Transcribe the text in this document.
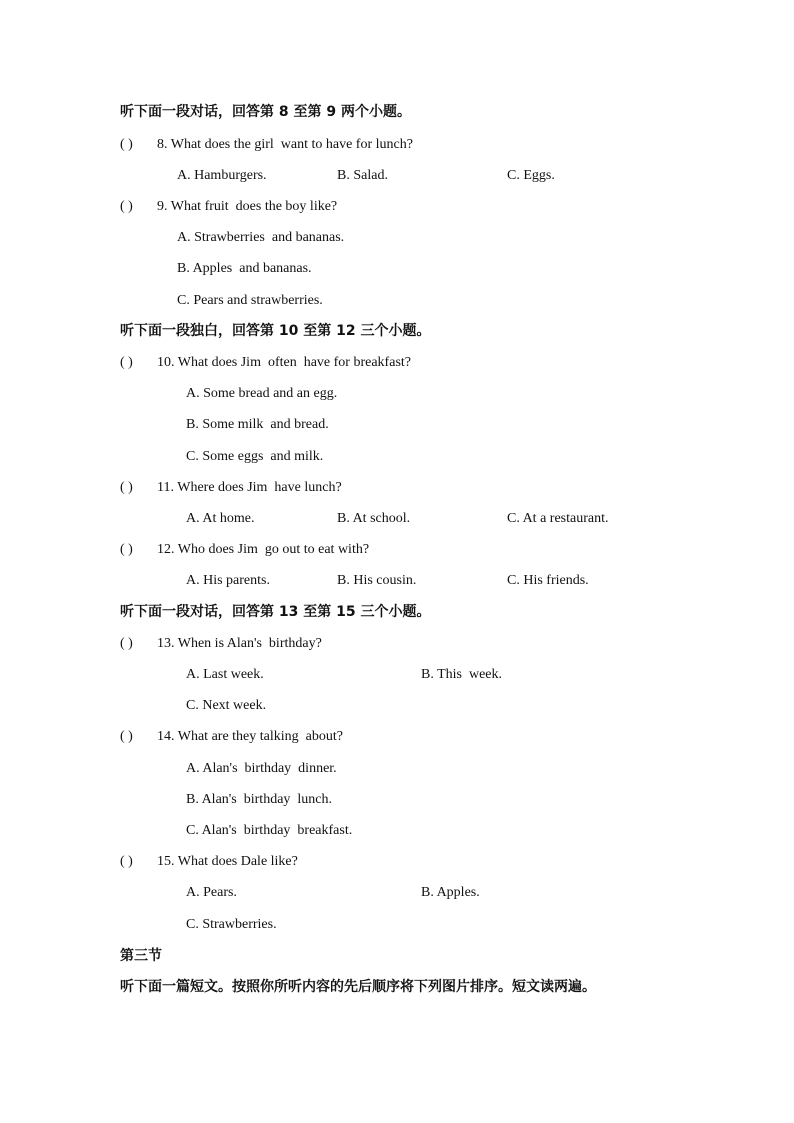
听下面一段对话，回答第 8 至第 9 两个小题。
( ) 8. What does the girl  want to have for lunch?
A. Hamburgers.	B. Salad.	C. Eggs.
( ) 9. What fruit  does the boy like?
A. Strawberries  and bananas.
B. Apples  and bananas.
C. Pears and strawberries.
听下面一段独白，回答第 10 至第 12 三个小题。
( ) 10. What does Jim  often  have for breakfast?
A. Some bread and an egg.
B. Some milk  and bread.
C. Some eggs  and milk.
( ) 11. Where does Jim  have lunch?
A. At home.	B. At school.	C. At a restaurant.
( ) 12. Who does Jim  go out to eat with?
A. His parents.	B. His cousin.	C. His friends.
听下面一段对话，回答第 13 至第 15 三个小题。
( ) 13. When is Alan's  birthday?
A. Last week.	B. This  week.
C. Next week.
( ) 14. What are they talking  about?
A. Alan's  birthday  dinner.
B. Alan's  birthday  lunch.
C. Alan's  birthday  breakfast.
( ) 15. What does Dale like?
A. Pears.	B. Apples.
C. Strawberries.
第三节
听下面一篇短文。按照你所听内容的先后顺序将下列图片排序。短文读两遍。
